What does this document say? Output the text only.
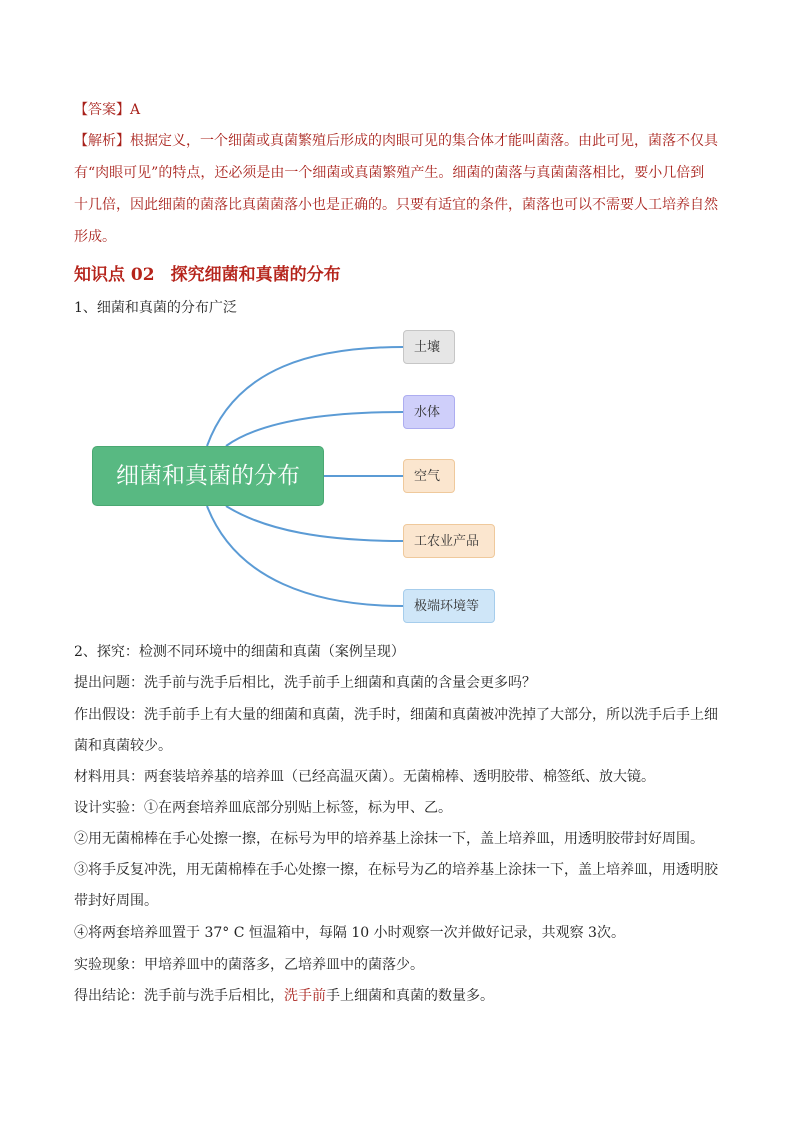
【答案】A
【解析】根据定义，一个细菌或真菌繁殖后形成的肉眼可见的集合体才能叫菌落。由此可见，菌落不仅具
有“肉眼可见”的特点，还必须是由一个细菌或真菌繁殖产生。细菌的菌落与真菌菌落相比，要小几倍到
十几倍，因此细菌的菌落比真菌菌落小也是正确的。只要有适宜的条件，菌落也可以不需要人工培养自然
形成。
知识点 02 探究细菌和真菌的分布
1、细菌和真菌的分布广泛
细菌和真菌的分布
土壤
水体
空气
工农业产品
极端环境等
2、探究：检测不同环境中的细菌和真菌（案例呈现）
提出问题：洗手前与洗手后相比，洗手前手上细菌和真菌的含量会更多吗？
作出假设：洗手前手上有大量的细菌和真菌，洗手时，细菌和真菌被冲洗掉了大部分，所以洗手后手上细
菌和真菌较少。
材料用具：两套装培养基的培养皿（已经高温灭菌）。无菌棉棒、透明胶带、棉签纸、放大镜。
设计实验：①在两套培养皿底部分别贴上标签，标为甲、乙。
②用无菌棉棒在手心处擦一擦，在标号为甲的培养基上涂抹一下，盖上培养皿，用透明胶带封好周围。
③将手反复冲洗，用无菌棉棒在手心处擦一擦，在标号为乙的培养基上涂抹一下，盖上培养皿，用透明胶
带封好周围。
④将两套培养皿置于 37° C 恒温箱中，每隔 10 小时观察一次并做好记录，共观察 3次。
实验现象：甲培养皿中的菌落多，乙培养皿中的菌落少。
得出结论：洗手前与洗手后相比，洗手前手上细菌和真菌的数量多。
